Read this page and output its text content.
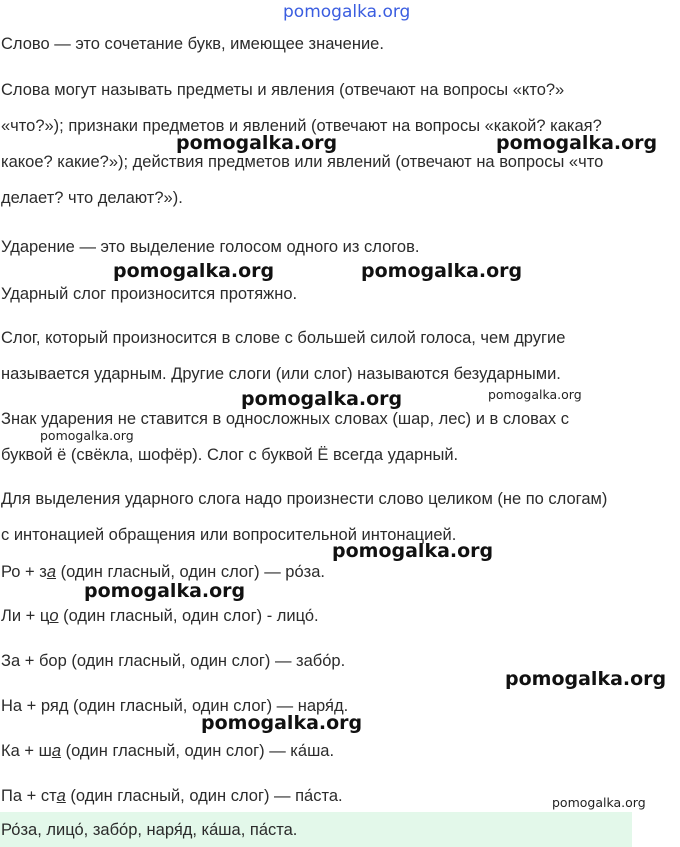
pomogalka.org
Слово — это сочетание букв, имеющее значение.
Слова могут называть предметы и явления (отвечают на вопросы «кто?»
«что?»); признаки предметов и явлений (отвечают на вопросы «какой? какая?
какое? какие?»); действия предметов или явлений (отвечают на вопросы «что
делает? что делают?»).
Ударение — это выделение голосом одного из слогов.
Ударный слог произносится протяжно.
Слог, который произносится в слове с большей силой голоса, чем другие
называется ударным. Другие слоги (или слог) называются безударными.
Знак ударения не ставится в односложных словах (шар, лес) и в словах с
буквой ё (свёкла, шофёр). Слог с буквой Ё всегда ударный.
Для выделения ударного слога надо произнести слово целиком (не по слогам)
с интонацией обращения или вопросительной интонацией.
Ро + за (один гласный, один слог) — ро́за.
Ли + цо (один гласный, один слог) - лицо́.
За + бор (один гласный, один слог) — забо́р.
На + ряд (один гласный, один слог) — наря́д.
Ка + ша (один гласный, один слог) — ка́ша.
Па + ста (один гласный, один слог) — па́ста.
Ро́за, лицо́, забо́р, наря́д, ка́ша, па́ста.
pomogalka.org	pomogalka.org
pomogalka.org	pomogalka.org
pomogalka.org	pomogalka.org
pomogalka.org
pomogalka.org
pomogalka.org
pomogalka.org
pomogalka.org
pomogalka.org
